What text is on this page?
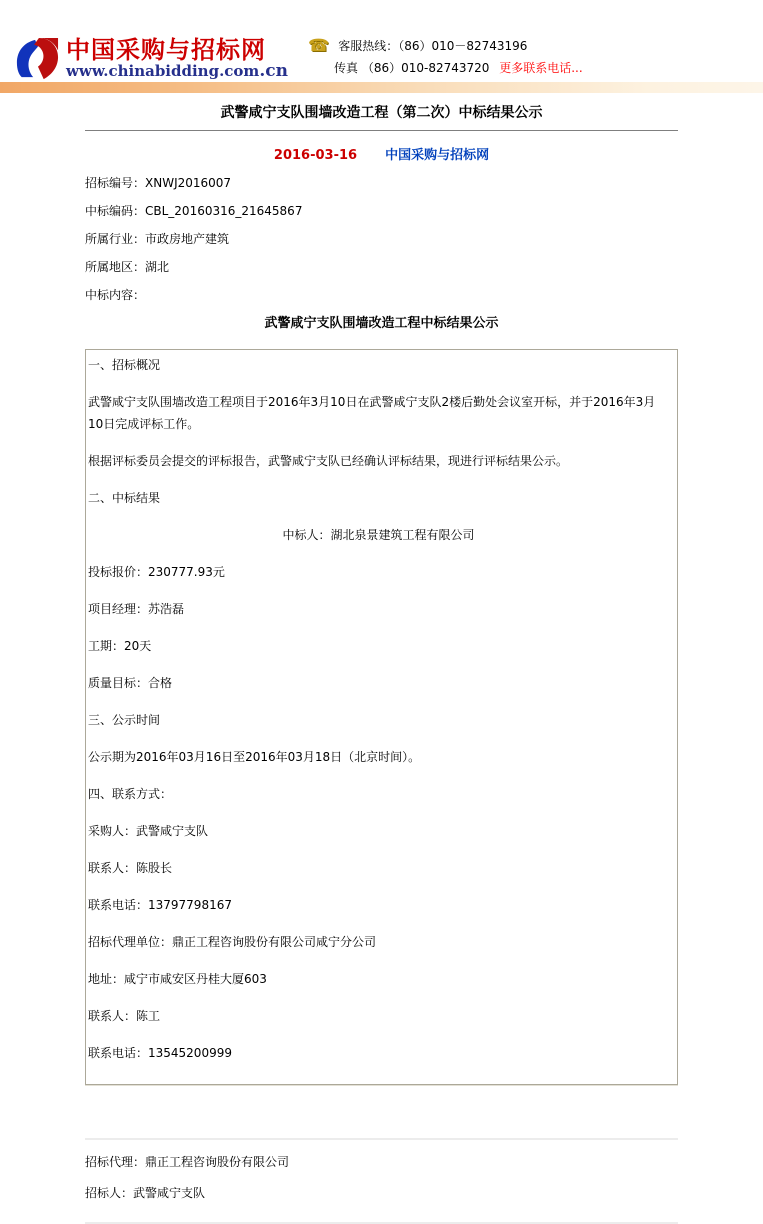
中国采购与招标网
www.chinabidding.com.cn
☎ 客服热线：（86）010－82743196
传真 （86）010-82743720 更多联系电话...
武警咸宁支队围墙改造工程（第二次）中标结果公示
2016-03-16 中国采购与招标网

招标编号：XNWJ2016007

中标编码：CBL_20160316_21645867

所属行业：市政房地产建筑

所属地区：湖北

中标内容：

武警咸宁支队围墙改造工程中标结果公示

一、招标概况

武警咸宁支队围墙改造工程项目于2016年3月10日在武警咸宁支队2楼后勤处会议室开标，并于2016年3月10日完成评标工作。

根据评标委员会提交的评标报告，武警咸宁支队已经确认评标结果，现进行评标结果公示。

二、中标结果

中标人：湖北泉景建筑工程有限公司

投标报价：230777.93元

项目经理：苏浩磊

工期：20天

质量目标：合格

三、公示时间

公示期为2016年03月16日至2016年03月18日（北京时间）。

四、联系方式：

采购人：武警咸宁支队

联系人：陈股长

联系电话：13797798167

招标代理单位：鼎正工程咨询股份有限公司咸宁分公司

地址：咸宁市咸安区丹桂大厦603

联系人：陈工

联系电话：13545200999

招标代理：鼎正工程咨询股份有限公司

招标人：武警咸宁支队
